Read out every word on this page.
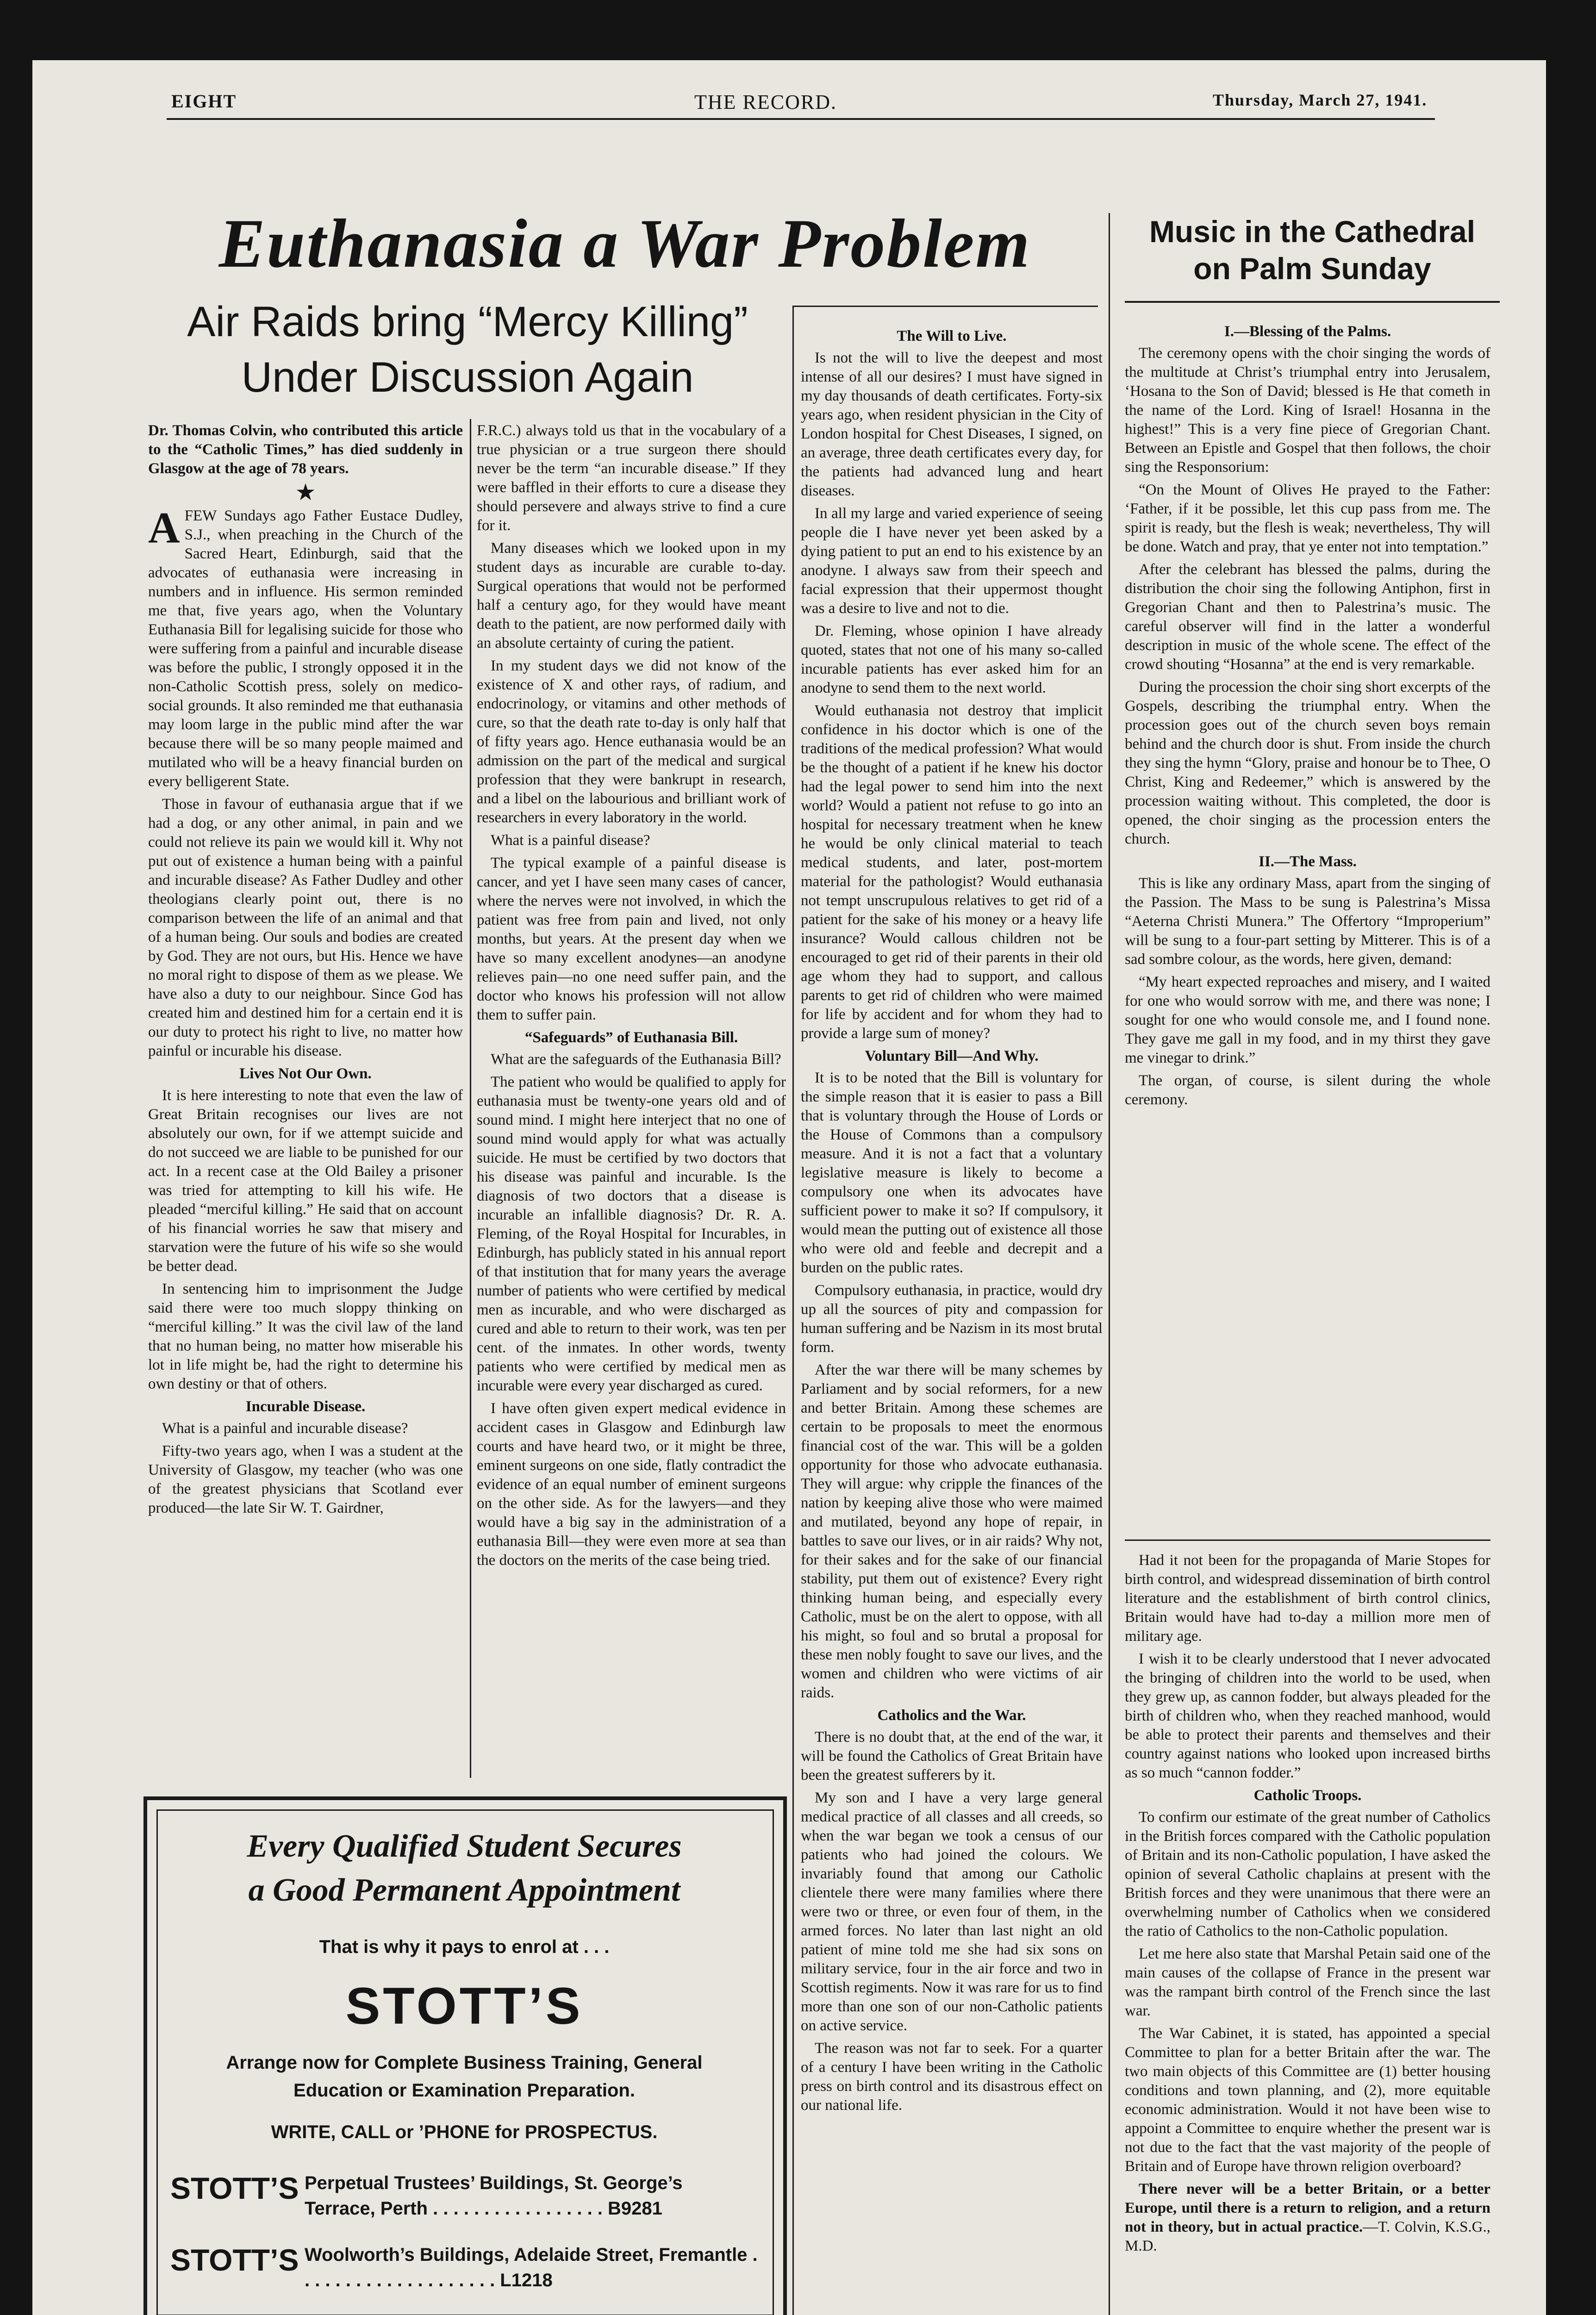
EIGHT	THE RECORD.	Thursday, March 27, 1941.
Euthanasia a War Problem
Air Raids bring “Mercy Killing”
Under Discussion Again

Dr. Thomas Colvin, who contributed this article to the “Catholic Times,” has died suddenly in Glasgow at the age of 78 years.

★

AFEW Sundays ago Father Eustace Dudley, S.J., when preaching in the Church of the Sacred Heart, Edinburgh, said that the advocates of euthanasia were increasing in numbers and in influence. His sermon reminded me that, five years ago, when the Voluntary Euthanasia Bill for legalising suicide for those who were suffering from a painful and incurable disease was before the public, I strongly opposed it in the non-Catholic Scottish press, solely on medico-social grounds. It also reminded me that euthanasia may loom large in the public mind after the war because there will be so many people maimed and mutilated who will be a heavy financial burden on every belligerent State.

Those in favour of euthanasia argue that if we had a dog, or any other animal, in pain and we could not relieve its pain we would kill it. Why not put out of existence a human being with a painful and incurable disease? As Father Dudley and other theologians clearly point out, there is no comparison between the life of an animal and that of a human being. Our souls and bodies are created by God. They are not ours, but His. Hence we have no moral right to dispose of them as we please. We have also a duty to our neighbour. Since God has created him and destined him for a certain end it is our duty to protect his right to live, no matter how painful or incurable his disease.

Lives Not Our Own.

It is here interesting to note that even the law of Great Britain recognises our lives are not absolutely our own, for if we attempt suicide and do not succeed we are liable to be punished for our act. In a recent case at the Old Bailey a prisoner was tried for attempting to kill his wife. He pleaded “merciful killing.” He said that on account of his financial worries he saw that misery and starvation were the future of his wife so she would be better dead.

In sentencing him to imprisonment the Judge said there were too much sloppy thinking on “merciful killing.” It was the civil law of the land that no human being, no matter how miserable his lot in life might be, had the right to determine his own destiny or that of others.

Incurable Disease.

What is a painful and incurable disease?

Fifty-two years ago, when I was a student at the University of Glasgow, my teacher (who was one of the greatest physicians that Scotland ever produced—the late Sir W. T. Gairdner,

F.R.C.) always told us that in the vocabulary of a true physician or a true surgeon there should never be the term “an incurable disease.” If they were baffled in their efforts to cure a disease they should persevere and always strive to find a cure for it.

Many diseases which we looked upon in my student days as incurable are curable to-day. Surgical operations that would not be performed half a century ago, for they would have meant death to the patient, are now performed daily with an absolute certainty of curing the patient.

In my student days we did not know of the existence of X and other rays, of radium, and endocrinology, or vitamins and other methods of cure, so that the death rate to-day is only half that of fifty years ago. Hence euthanasia would be an admission on the part of the medical and surgical profession that they were bankrupt in research, and a libel on the labourious and brilliant work of researchers in every laboratory in the world.

What is a painful disease?

The typical example of a painful disease is cancer, and yet I have seen many cases of cancer, where the nerves were not involved, in which the patient was free from pain and lived, not only months, but years. At the present day when we have so many excellent anodynes—an anodyne relieves pain—no one need suffer pain, and the doctor who knows his profession will not allow them to suffer pain.

“Safeguards” of Euthanasia Bill.

What are the safeguards of the Euthanasia Bill?

The patient who would be qualified to apply for euthanasia must be twenty-one years old and of sound mind. I might here interject that no one of sound mind would apply for what was actually suicide. He must be certified by two doctors that his disease was painful and incurable. Is the diagnosis of two doctors that a disease is incurable an infallible diagnosis? Dr. R. A. Fleming, of the Royal Hospital for Incurables, in Edinburgh, has publicly stated in his annual report of that institution that for many years the average number of patients who were certified by medical men as incurable, and who were discharged as cured and able to return to their work, was ten per cent. of the inmates. In other words, twenty patients who were certified by medical men as incurable were every year discharged as cured.

I have often given expert medical evidence in accident cases in Glasgow and Edinburgh law courts and have heard two, or it might be three, eminent surgeons on one side, flatly contradict the evidence of an equal number of eminent surgeons on the other side. As for the lawyers—and they would have a big say in the administration of a euthanasia Bill—they were even more at sea than the doctors on the merits of the case being tried.

The Will to Live.

Is not the will to live the deepest and most intense of all our desires? I must have signed in my day thousands of death certificates. Forty-six years ago, when resident physician in the City of London hospital for Chest Diseases, I signed, on an average, three death certificates every day, for the patients had advanced lung and heart diseases.

In all my large and varied experience of seeing people die I have never yet been asked by a dying patient to put an end to his existence by an anodyne. I always saw from their speech and facial expression that their uppermost thought was a desire to live and not to die.

Dr. Fleming, whose opinion I have already quoted, states that not one of his many so-called incurable patients has ever asked him for an anodyne to send them to the next world.

Would euthanasia not destroy that implicit confidence in his doctor which is one of the traditions of the medical profession? What would be the thought of a patient if he knew his doctor had the legal power to send him into the next world? Would a patient not refuse to go into an hospital for necessary treatment when he knew he would be only clinical material to teach medical students, and later, post-mortem material for the pathologist? Would euthanasia not tempt unscrupulous relatives to get rid of a patient for the sake of his money or a heavy life insurance? Would callous children not be encouraged to get rid of their parents in their old age whom they had to support, and callous parents to get rid of children who were maimed for life by accident and for whom they had to provide a large sum of money?

Voluntary Bill—And Why.

It is to be noted that the Bill is voluntary for the simple reason that it is easier to pass a Bill that is voluntary through the House of Lords or the House of Commons than a compulsory measure. And it is not a fact that a voluntary legislative measure is likely to become a compulsory one when its advocates have sufficient power to make it so? If compulsory, it would mean the putting out of existence all those who were old and feeble and decrepit and a burden on the public rates.

Compulsory euthanasia, in practice, would dry up all the sources of pity and compassion for human suffering and be Nazism in its most brutal form.

After the war there will be many schemes by Parliament and by social reformers, for a new and better Britain. Among these schemes are certain to be proposals to meet the enormous financial cost of the war. This will be a golden opportunity for those who advocate euthanasia. They will argue: why cripple the finances of the nation by keeping alive those who were maimed and mutilated, beyond any hope of repair, in battles to save our lives, or in air raids? Why not, for their sakes and for the sake of our financial stability, put them out of existence? Every right thinking human being, and especially every Catholic, must be on the alert to oppose, with all his might, so foul and so brutal a proposal for these men nobly fought to save our lives, and the women and children who were victims of air raids.

Catholics and the War.

There is no doubt that, at the end of the war, it will be found the Catholics of Great Britain have been the greatest sufferers by it.

My son and I have a very large general medical practice of all classes and all creeds, so when the war began we took a census of our patients who had joined the colours. We invariably found that among our Catholic clientele there were many families where there were two or three, or even four of them, in the armed forces. No later than last night an old patient of mine told me she had six sons on military service, four in the air force and two in Scottish regiments. Now it was rare for us to find more than one son of our non-Catholic patients on active service.

The reason was not far to seek. For a quarter of a century I have been writing in the Catholic press on birth control and its disastrous effect on our national life.

Music in the Cathedral
on Palm Sunday
I.—Blessing of the Palms.

The ceremony opens with the choir singing the words of the multitude at Christ’s triumphal entry into Jerusalem, ‘Hosana to the Son of David; blessed is He that cometh in the name of the Lord. King of Israel! Hosanna in the highest!” This is a very fine piece of Gregorian Chant. Between an Epistle and Gospel that then follows, the choir sing the Responsorium:

“On the Mount of Olives He prayed to the Father: ‘Father, if it be possible, let this cup pass from me. The spirit is ready, but the flesh is weak; nevertheless, Thy will be done. Watch and pray, that ye enter not into temptation.”

After the celebrant has blessed the palms, during the distribution the choir sing the following Antiphon, first in Gregorian Chant and then to Palestrina’s music. The careful observer will find in the latter a wonderful description in music of the whole scene. The effect of the crowd shouting “Hosanna” at the end is very remarkable.

During the procession the choir sing short excerpts of the Gospels, describing the triumphal entry. When the procession goes out of the church seven boys remain behind and the church door is shut. From inside the church they sing the hymn “Glory, praise and honour be to Thee, O Christ, King and Redeemer,” which is answered by the procession waiting without. This completed, the door is opened, the choir singing as the procession enters the church.

II.—The Mass.

This is like any ordinary Mass, apart from the singing of the Passion. The Mass to be sung is Palestrina’s Missa “Aeterna Christi Munera.” The Offertory “Improperium” will be sung to a four-part setting by Mitterer. This is of a sad sombre colour, as the words, here given, demand:

“My heart expected reproaches and misery, and I waited for one who would sorrow with me, and there was none; I sought for one who would console me, and I found none. They gave me gall in my food, and in my thirst they gave me vinegar to drink.”

The organ, of course, is silent during the whole ceremony.

Had it not been for the propaganda of Marie Stopes for birth control, and widespread dissemination of birth control literature and the establishment of birth control clinics, Britain would have had to-day a million more men of military age.

I wish it to be clearly understood that I never advocated the bringing of children into the world to be used, when they grew up, as cannon fodder, but always pleaded for the birth of children who, when they reached manhood, would be able to protect their parents and themselves and their country against nations who looked upon increased births as so much “cannon fodder.”

Catholic Troops.

To confirm our estimate of the great number of Catholics in the British forces compared with the Catholic population of Britain and its non-Catholic population, I have asked the opinion of several Catholic chaplains at present with the British forces and they were unanimous that there were an overwhelming number of Catholics when we considered the ratio of Catholics to the non-Catholic population.

Let me here also state that Marshal Petain said one of the main causes of the collapse of France in the present war was the rampant birth control of the French since the last war.

The War Cabinet, it is stated, has appointed a special Committee to plan for a better Britain after the war. The two main objects of this Committee are (1) better housing conditions and town planning, and (2), more equitable economic administration. Would it not have been wise to appoint a Committee to enquire whether the present war is not due to the fact that the vast majority of the people of Britain and of Europe have thrown religion overboard?

There never will be a better Britain, or a better Europe, until there is a return to religion, and a return not in theory, but in actual practice.—T. Colvin, K.S.G., M.D.

Every Qualified Student Secures
a Good Permanent Appointment
That is why it pays to enrol at . . .
STOTT’S
Arrange now for Complete Business Training, General
Education or Examination Preparation.
WRITE, CALL or ’PHONE for PROSPECTUS.
STOTT’S Perpetual Trustees’ Buildings, St. George’s Terrace, Perth . . . . . . . . . . . . . . . . . B9281
STOTT’S Woolworth’s Buildings, Adelaide Street, Fremantle . . . . . . . . . . . . . . . . . . . . L1218
